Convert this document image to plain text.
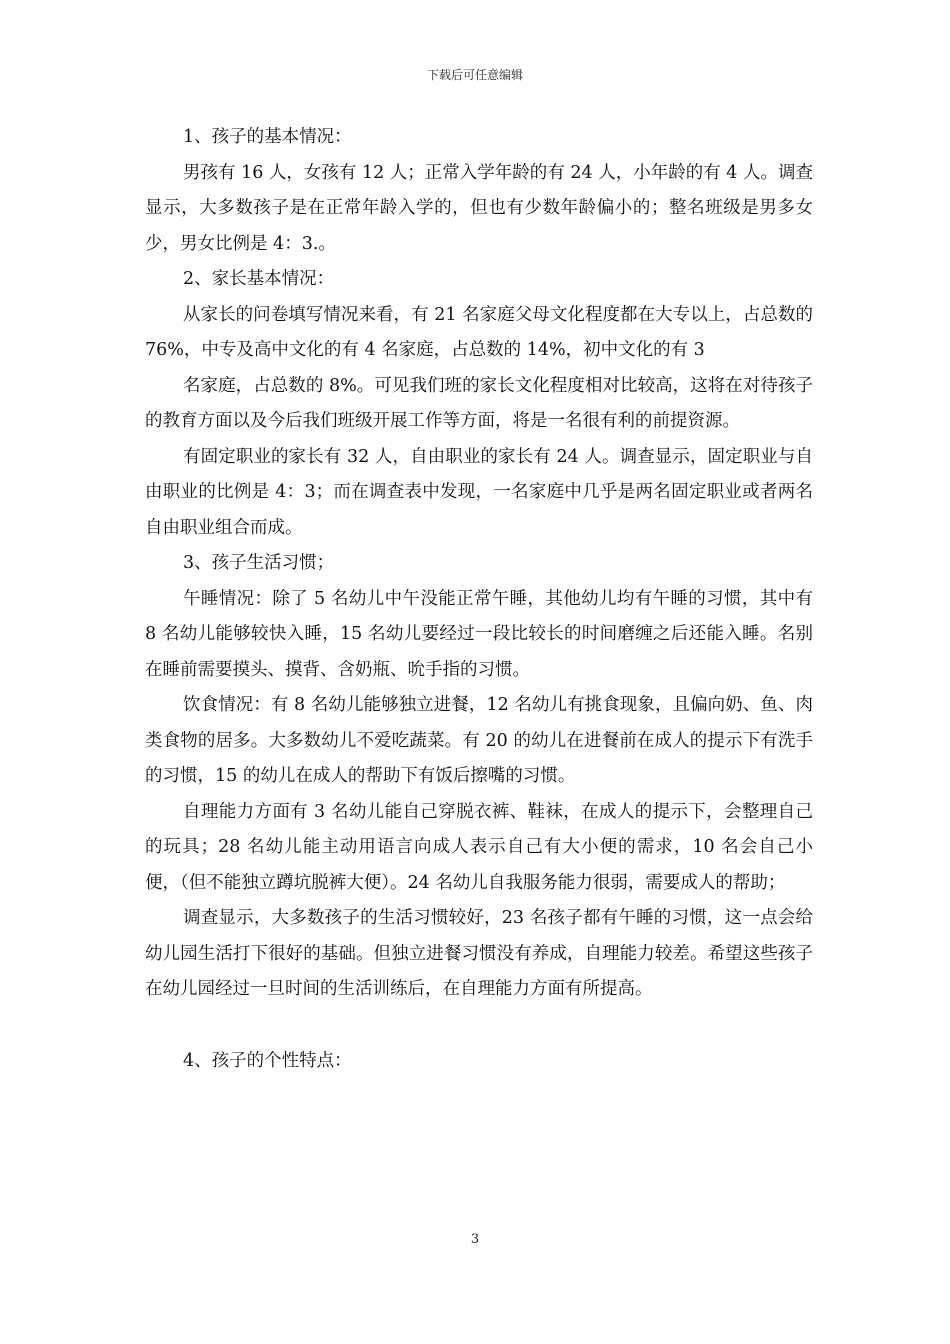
下载后可任意编辑

1、孩子的基本情况：

男孩有 16 人，女孩有 12 人；正常入学年龄的有 24 人，小年龄的有 4 人。调查显示，大多数孩子是在正常年龄入学的，但也有少数年龄偏小的；整名班级是男多女少，男女比例是 4：3.。

2、家长基本情况：

从家长的问卷填写情况来看，有 21 名家庭父母文化程度都在大专以上，占总数的 76%，中专及高中文化的有 4 名家庭，占总数的 14%，初中文化的有 3

名家庭，占总数的 8%。可见我们班的家长文化程度相对比较高，这将在对待孩子的教育方面以及今后我们班级开展工作等方面，将是一名很有利的前提资源。

有固定职业的家长有 32 人，自由职业的家长有 24 人。调查显示，固定职业与自由职业的比例是 4：3；而在调查表中发现，一名家庭中几乎是两名固定职业或者两名自由职业组合而成。

3、孩子生活习惯；

午睡情况：除了 5 名幼儿中午没能正常午睡，其他幼儿均有午睡的习惯，其中有 8 名幼儿能够较快入睡，15 名幼儿要经过一段比较长的时间磨缠之后还能入睡。名别在睡前需要摸头、摸背、含奶瓶、吮手指的习惯。

饮食情况：有 8 名幼儿能够独立进餐，12 名幼儿有挑食现象，且偏向奶、鱼、肉类食物的居多。大多数幼儿不爱吃蔬菜。有 20 的幼儿在进餐前在成人的提示下有洗手的习惯，15 的幼儿在成人的帮助下有饭后擦嘴的习惯。

自理能力方面有 3 名幼儿能自己穿脱衣裤、鞋袜，在成人的提示下，会整理自己的玩具；28 名幼儿能主动用语言向成人表示自己有大小便的需求，10 名会自己小便，（但不能独立蹲坑脱裤大便）。24 名幼儿自我服务能力很弱，需要成人的帮助；

调查显示，大多数孩子的生活习惯较好，23 名孩子都有午睡的习惯，这一点会给幼儿园生活打下很好的基础。但独立进餐习惯没有养成，自理能力较差。希望这些孩子在幼儿园经过一旦时间的生活训练后，在自理能力方面有所提高。

4、孩子的个性特点：

3
